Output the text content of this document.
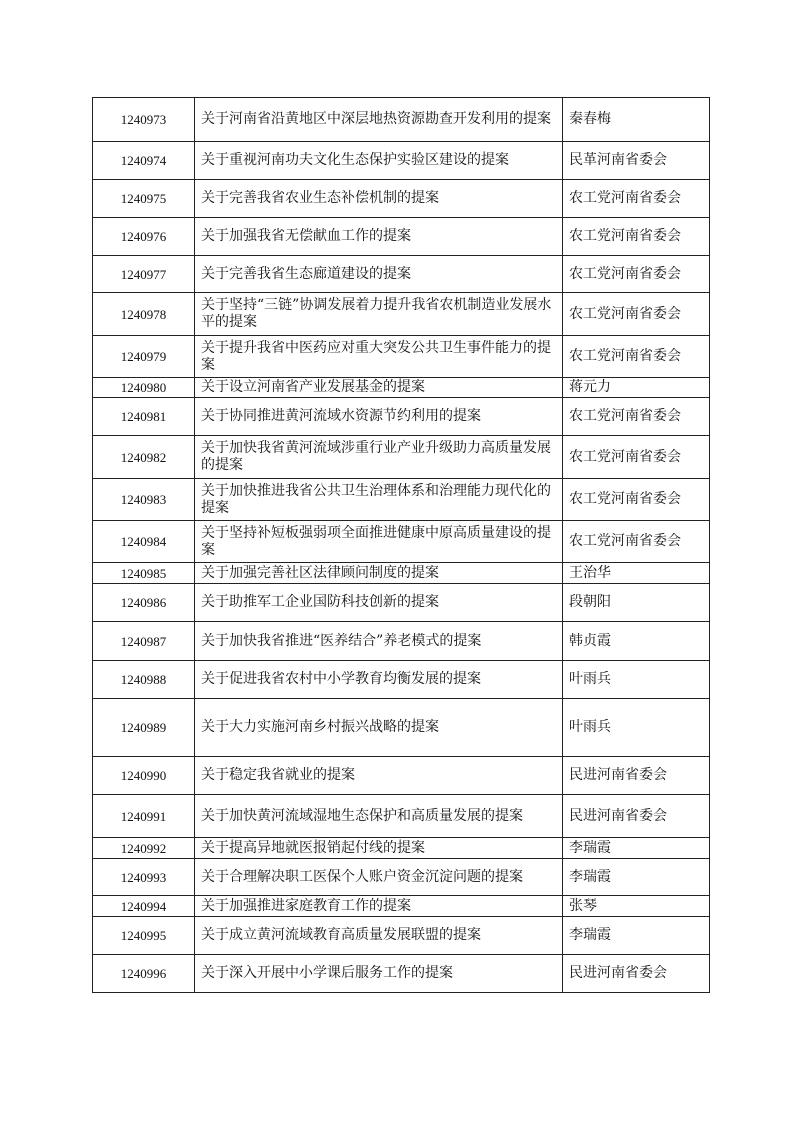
1240973	关于河南省沿黄地区中深层地热资源勘查开发利用的提案	秦春梅
1240974	关于重视河南功夫文化生态保护实验区建设的提案	民革河南省委会
1240975	关于完善我省农业生态补偿机制的提案	农工党河南省委会
1240976	关于加强我省无偿献血工作的提案	农工党河南省委会
1240977	关于完善我省生态廊道建设的提案	农工党河南省委会
1240978	关于坚持“三链”协调发展着力提升我省农机制造业发展水平的提案	农工党河南省委会
1240979	关于提升我省中医药应对重大突发公共卫生事件能力的提案	农工党河南省委会
1240980	关于设立河南省产业发展基金的提案	蒋元力
1240981	关于协同推进黄河流域水资源节约利用的提案	农工党河南省委会
1240982	关于加快我省黄河流域涉重行业产业升级助力高质量发展的提案	农工党河南省委会
1240983	关于加快推进我省公共卫生治理体系和治理能力现代化的提案	农工党河南省委会
1240984	关于坚持补短板强弱项全面推进健康中原高质量建设的提案	农工党河南省委会
1240985	关于加强完善社区法律顾问制度的提案	王治华
1240986	关于助推军工企业国防科技创新的提案	段朝阳
1240987	关于加快我省推进“医养结合”养老模式的提案	韩贞霞
1240988	关于促进我省农村中小学教育均衡发展的提案	叶雨兵
1240989	关于大力实施河南乡村振兴战略的提案	叶雨兵
1240990	关于稳定我省就业的提案	民进河南省委会
1240991	关于加快黄河流域湿地生态保护和高质量发展的提案	民进河南省委会
1240992	关于提高异地就医报销起付线的提案	李瑞霞
1240993	关于合理解决职工医保个人账户资金沉淀问题的提案	李瑞霞
1240994	关于加强推进家庭教育工作的提案	张琴
1240995	关于成立黄河流域教育高质量发展联盟的提案	李瑞霞
1240996	关于深入开展中小学课后服务工作的提案	民进河南省委会
